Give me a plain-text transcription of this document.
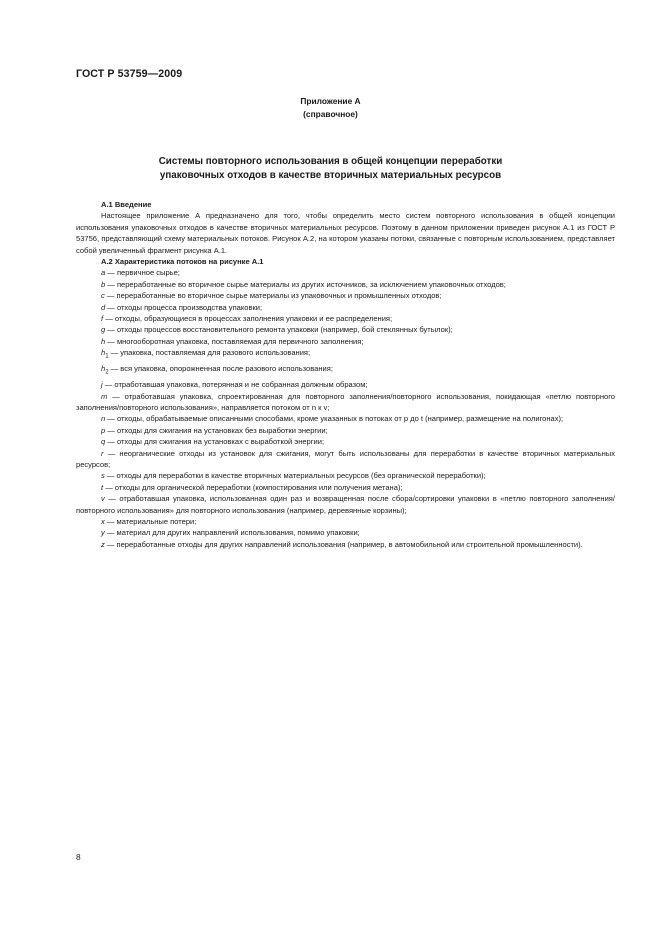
ГОСТ Р 53759—2009
Приложение А
(справочное)
Системы повторного использования в общей концепции переработки
упаковочных отходов в качестве вторичных материальных ресурсов

А.1 Введение

Настоящее приложение А предназначено для того, чтобы определить место систем повторного использования в общей концепции использования упаковочных отходов в качестве вторичных материальных ресурсов. Поэтому в данном приложении приведен рисунок А.1 из ГОСТ Р 53756, представляющий схему материальных потоков. Рисунок А.2, на котором указаны потоки, связанные с повторным использованием, представляет собой увеличенный фрагмент рисунка А.1.

А.2 Характеристика потоков на рисунке А.1

a — первичное сырье;

b — переработанные во вторичное сырье материалы из других источников, за исключением упаковочных отходов;

c — переработанные во вторичное сырье материалы из упаковочных и промышленных отходов;

d — отходы процесса производства упаковки;

f — отходы, образующиеся в процессах заполнения упаковки и ее распределения;

g — отходы процессов восстановительного ремонта упаковки (например, бой стеклянных бутылок);

h — многооборотная упаковка, поставляемая для первичного заполнения;

$h_1$ — упаковка, поставляемая для разового использования;

$h_2$ — вся упаковка, опорожненная после разового использования;

j — отработавшая упаковка, потерянная и не собранная должным образом;

m — отработавшая упаковка, спроектированная для повторного заполнения/повторного использования, покидающая «петлю повторного заполнения/повторного использования», направляется потоком от n к v;

n — отходы, обрабатываемые описанными способами, кроме указанных в потоках от p до t (например, размещение на полигонах);

p — отходы для сжигания на установках без выработки энергии;

q — отходы для сжигания на установках с выработкой энергии;

r — неорганические отходы из установок для сжигания, могут быть использованы для переработки в качестве вторичных материальных ресурсов;

s — отходы для переработки в качестве вторичных материальных ресурсов (без органической переработки);

t — отходы для органической переработки (компостирования или получения метана);

v — отработавшая упаковка, использованная один раз и возвращенная после сбора/сортировки упаковки в «петлю повторного заполнения/повторного использования» для повторного использования (например, деревянные корзины);

x — материальные потери;

y — материал для других направлений использования, помимо упаковки;

z — переработанные отходы для других направлений использования (например, в автомобильной или строительной промышленности).

8
